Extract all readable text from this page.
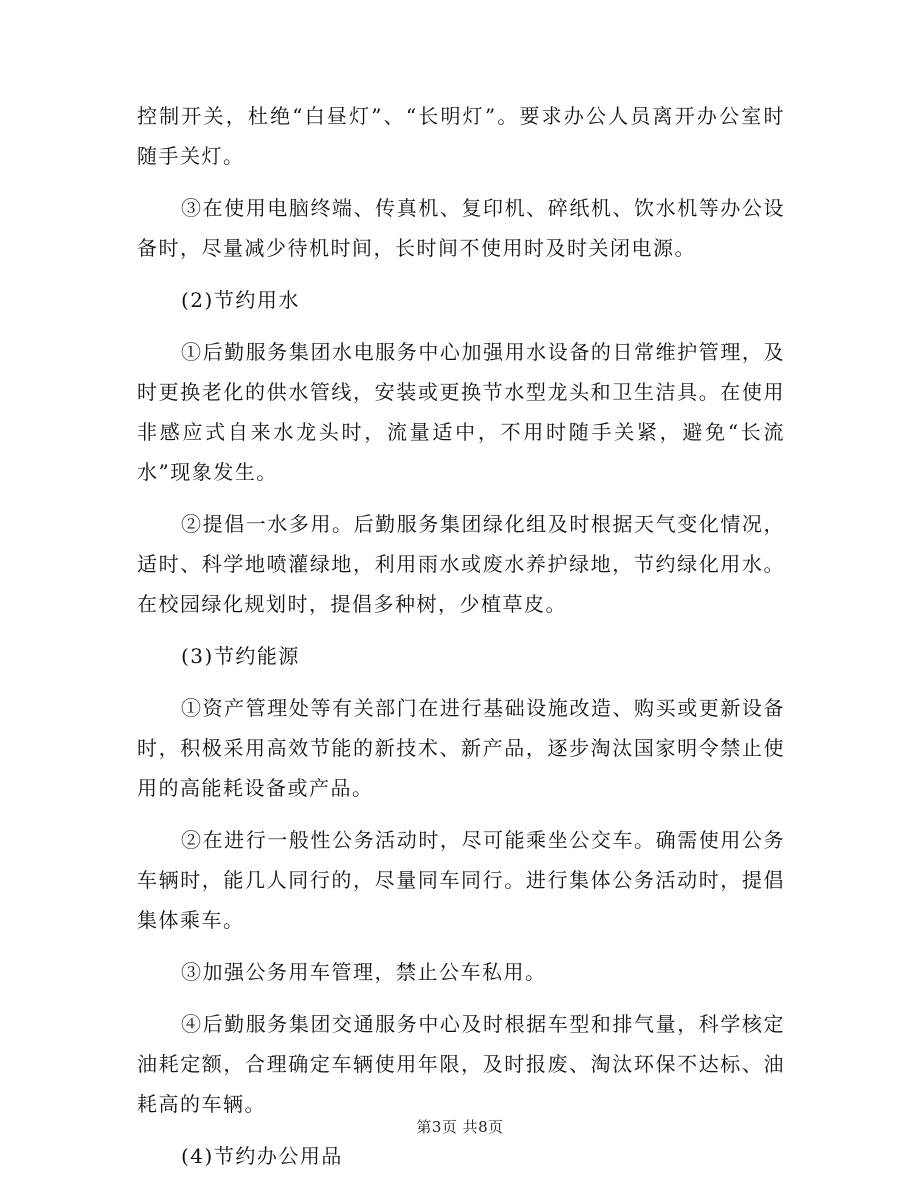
控制开关，杜绝“白昼灯”、“长明灯”。要求办公人员离开办公室时随手关灯。

③在使用电脑终端、传真机、复印机、碎纸机、饮水机等办公设备时，尽量减少待机时间，长时间不使用时及时关闭电源。

(2)节约用水

①后勤服务集团水电服务中心加强用水设备的日常维护管理，及时更换老化的供水管线，安装或更换节水型龙头和卫生洁具。在使用非感应式自来水龙头时，流量适中，不用时随手关紧，避免“长流水”现象发生。

②提倡一水多用。后勤服务集团绿化组及时根据天气变化情况，适时、科学地喷灌绿地，利用雨水或废水养护绿地，节约绿化用水。在校园绿化规划时，提倡多种树，少植草皮。

(3)节约能源

①资产管理处等有关部门在进行基础设施改造、购买或更新设备时，积极采用高效节能的新技术、新产品，逐步淘汰国家明令禁止使用的高能耗设备或产品。

②在进行一般性公务活动时，尽可能乘坐公交车。确需使用公务车辆时，能几人同行的，尽量同车同行。进行集体公务活动时，提倡集体乘车。

③加强公务用车管理，禁止公车私用。

④后勤服务集团交通服务中心及时根据车型和排气量，科学核定油耗定额，合理确定车辆使用年限，及时报废、淘汰环保不达标、油耗高的车辆。

(4)节约办公用品

第3页 共8页
